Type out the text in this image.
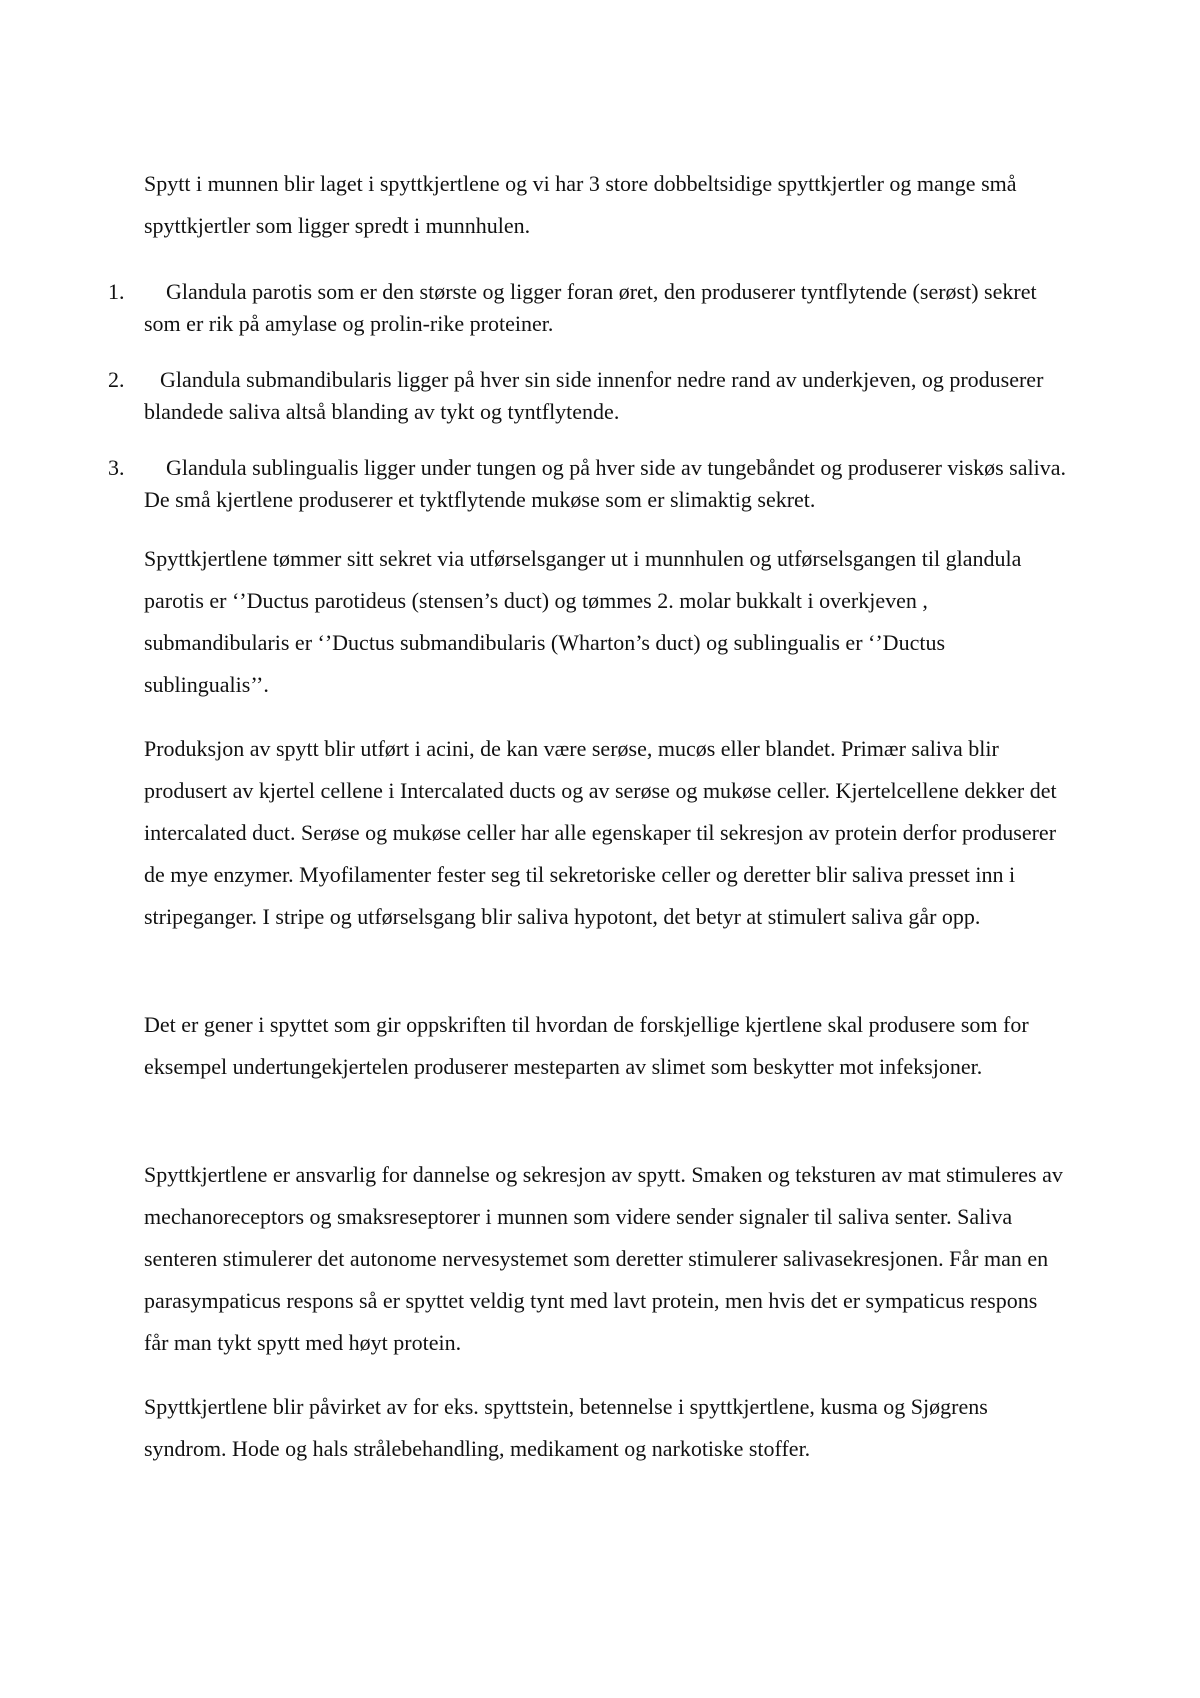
Spytt i munnen blir laget i spyttkjertlene og vi har 3 store dobbeltsidige spyttkjertler og mange små spyttkjertler som ligger spredt i munnhulen.

1.	Glandula parotis som er den største og ligger foran øret, den produserer tyntflytende (serøst) sekret som er rik på amylase og prolin-rike proteiner.
2.	Glandula submandibularis ligger på hver sin side innenfor nedre rand av underkjeven, og produserer blandede saliva altså blanding av tykt og tyntflytende.
3.	Glandula sublingualis ligger under tungen og på hver side av tungebåndet og produserer viskøs saliva. De små kjertlene produserer et tyktflytende mukøse som er slimaktig sekret.

Spyttkjertlene tømmer sitt sekret via utførselsganger ut i munnhulen og utførselsgangen til glandula parotis er ‘’Ductus parotideus (stensen’s duct) og tømmes 2. molar bukkalt i overkjeven , submandibularis er ‘’Ductus submandibularis (Wharton’s duct) og sublingualis er ‘’Ductus sublingualis’’.

Produksjon av spytt blir utført i acini, de kan være serøse, mucøs eller blandet. Primær saliva blir produsert av kjertel cellene i Intercalated ducts og av serøse og mukøse celler. Kjertelcellene dekker det intercalated duct. Serøse og mukøse celler har alle egenskaper til sekresjon av protein derfor produserer de mye enzymer. Myofilamenter fester seg til sekretoriske celler og deretter blir saliva presset inn i stripeganger. I stripe og utførselsgang blir saliva hypotont, det betyr at stimulert saliva går opp.

Det er gener i spyttet som gir oppskriften til hvordan de forskjellige kjertlene skal produsere som for eksempel undertungekjertelen produserer mesteparten av slimet som beskytter mot infeksjoner.

Spyttkjertlene er ansvarlig for dannelse og sekresjon av spytt. Smaken og teksturen av mat stimuleres av mechanoreceptors og smaksreseptorer i munnen som videre sender signaler til saliva senter. Saliva senteren stimulerer det autonome nervesystemet som deretter stimulerer salivasekresjonen. Får man en parasympaticus respons så er spyttet veldig tynt med lavt protein, men hvis det er sympaticus respons får man tykt spytt med høyt protein.

Spyttkjertlene blir påvirket av for eks. spyttstein, betennelse i spyttkjertlene, kusma og Sjøgrens syndrom. Hode og hals strålebehandling, medikament og narkotiske stoffer.
